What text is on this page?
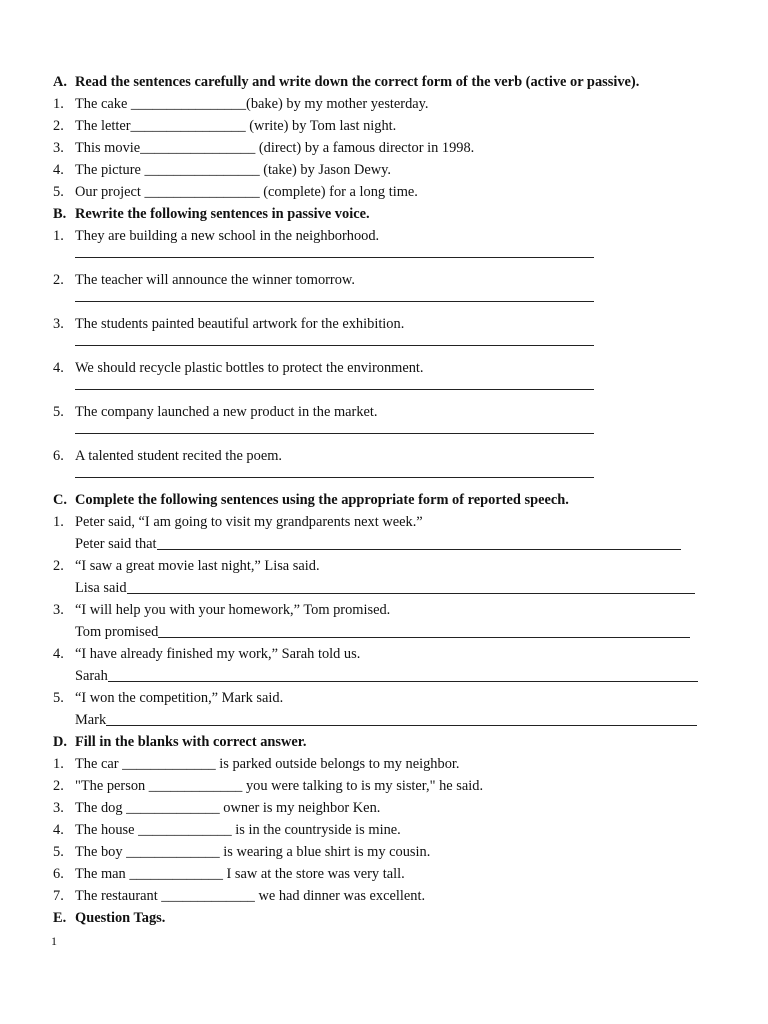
A. Read the sentences carefully and write down the correct form of the verb (active or passive).
1. The cake ________________(bake) by my mother yesterday.
2. The letter________________ (write) by Tom last night.
3. This movie________________ (direct) by a famous director in 1998.
4. The picture ________________ (take) by Jason Dewy.
5. Our project ________________ (complete) for a long time.
B. Rewrite the following sentences in passive voice.
1. They are building a new school in the neighborhood.
2. The teacher will announce the winner tomorrow.
3. The students painted beautiful artwork for the exhibition.
4. We should recycle plastic bottles to protect the environment.
5. The company launched a new product in the market.
6. A talented student recited the poem.
C. Complete the following sentences using the appropriate form of reported speech.
1. Peter said, “I am going to visit my grandparents next week.”
Peter said that
2. “I saw a great movie last night,” Lisa said.
Lisa said
3. “I will help you with your homework,” Tom promised.
Tom promised
4. “I have already finished my work,” Sarah told us.
Sarah
5. “I won the competition,” Mark said.
Mark
D. Fill in the blanks with correct answer.
1. The car _____________ is parked outside belongs to my neighbor.
2. "The person _____________ you were talking to is my sister," he said.
3. The dog _____________ owner is my neighbor Ken.
4. The house _____________ is in the countryside is mine.
5. The boy _____________ is wearing a blue shirt is my cousin.
6. The man _____________ I saw at the store was very tall.
7. The restaurant _____________ we had dinner was excellent.
E. Question Tags.
1
